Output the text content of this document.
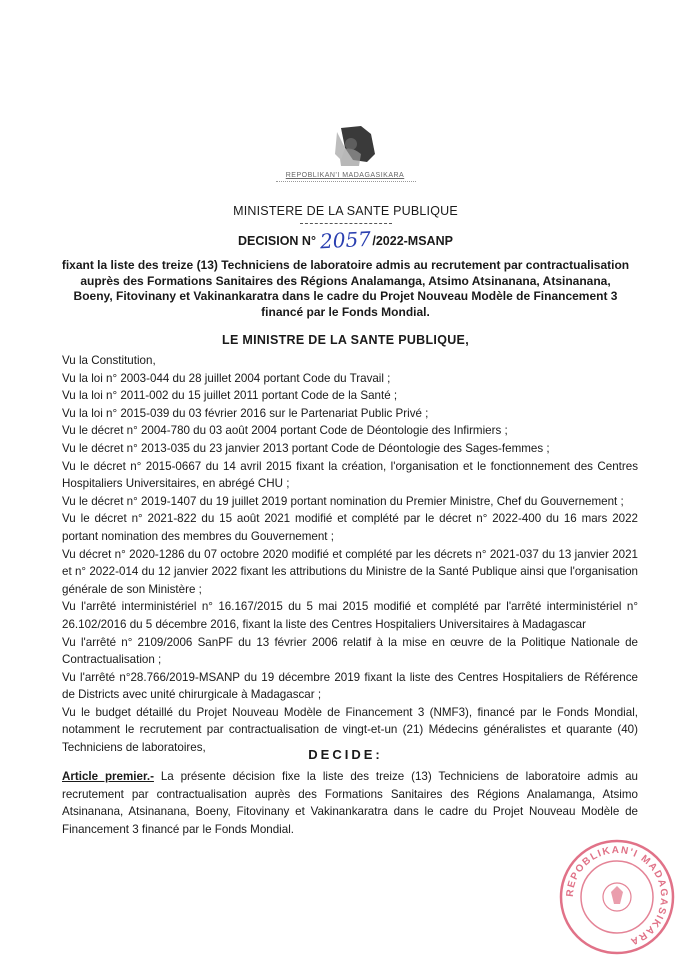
REPOBLIKAN'I MADAGASIKARA
MINISTERE DE LA SANTE PUBLIQUE
DECISION N° 2057/2022-MSANP
fixant la liste des treize (13) Techniciens de laboratoire admis au recrutement par contractualisation auprès des Formations Sanitaires des Régions Analamanga, Atsimo Atsinanana, Atsinanana, Boeny, Fitovinany et Vakinankaratra dans le cadre du Projet Nouveau Modèle de Financement 3 financé par le Fonds Mondial.
LE MINISTRE DE LA SANTE PUBLIQUE,

Vu la Constitution,

Vu la loi n° 2003-044 du 28 juillet 2004 portant Code du Travail ;

Vu la loi n° 2011-002 du 15 juillet 2011 portant Code de la Santé ;

Vu la loi n° 2015-039 du 03 février 2016 sur le Partenariat Public Privé ;

Vu le décret n° 2004-780 du 03 août 2004 portant Code de Déontologie des Infirmiers ;

Vu le décret n° 2013-035 du 23 janvier 2013 portant Code de Déontologie des Sages-femmes ;

Vu le décret n° 2015-0667 du 14 avril 2015 fixant la création, l'organisation et le fonctionnement des Centres Hospitaliers Universitaires, en abrégé CHU ;

Vu le décret n° 2019-1407 du 19 juillet 2019 portant nomination du Premier Ministre, Chef du Gouvernement ;

Vu le décret n° 2021-822 du 15 août 2021 modifié et complété par le décret n° 2022-400 du 16 mars 2022 portant nomination des membres du Gouvernement ;

Vu décret n° 2020-1286 du 07 octobre 2020 modifié et complété par les décrets n° 2021-037 du 13 janvier 2021 et n° 2022-014 du 12 janvier 2022 fixant les attributions du Ministre de la Santé Publique ainsi que l'organisation générale de son Ministère ;

Vu l'arrêté interministériel n° 16.167/2015 du 5 mai 2015 modifié et complété par l'arrêté interministériel n° 26.102/2016 du 5 décembre 2016, fixant la liste des Centres Hospitaliers Universitaires à Madagascar

Vu l'arrêté n° 2109/2006 SanPF du 13 février 2006 relatif à la mise en œuvre de la Politique Nationale de Contractualisation ;

Vu l'arrêté n°28.766/2019-MSANP du 19 décembre 2019 fixant la liste des Centres Hospitaliers de Référence de Districts avec unité chirurgicale à Madagascar ;

Vu le budget détaillé du Projet Nouveau Modèle de Financement 3 (NMF3), financé par le Fonds Mondial, notamment le recrutement par contractualisation de vingt-et-un (21) Médecins généralistes et quarante (40) Techniciens de laboratoires,	DECIDE:

Article premier.- La présente décision fixe la liste des treize (13) Techniciens de laboratoire admis au recrutement par contractualisation auprès des Formations Sanitaires des Régions Analamanga, Atsimo Atsinanana, Atsinanana, Boeny, Fitovinany et Vakinankaratra dans le cadre du Projet Nouveau Modèle de Financement 3 financé par le Fonds Mondial.

REPOBLIKAN'I MADAGASIKARA
